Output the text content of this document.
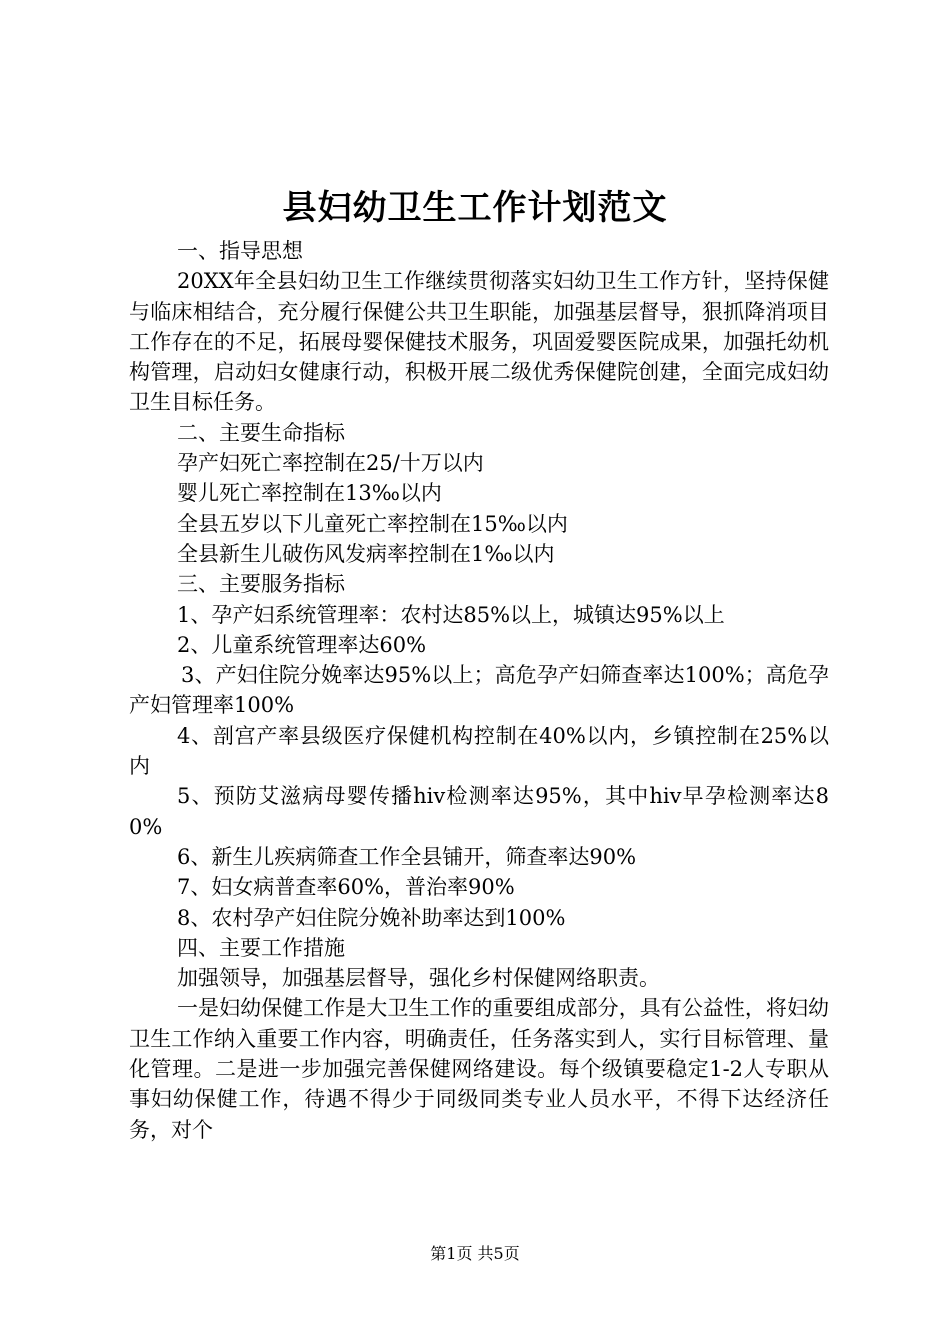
县妇幼卫生工作计划范文

一、指导思想

20XX年全县妇幼卫生工作继续贯彻落实妇幼卫生工作方针，坚持保健与临床相结合，充分履行保健公共卫生职能，加强基层督导，狠抓降消项目工作存在的不足，拓展母婴保健技术服务，巩固爱婴医院成果，加强托幼机构管理，启动妇女健康行动，积极开展二级优秀保健院创建，全面完成妇幼卫生目标任务。

二、主要生命指标

孕产妇死亡率控制在25/十万以内

婴儿死亡率控制在13‰以内

全县五岁以下儿童死亡率控制在15‰以内

全县新生儿破伤风发病率控制在1‰以内

三、主要服务指标

1、孕产妇系统管理率：农村达85%以上，城镇达95%以上

2、儿童系统管理率达60%

3、产妇住院分娩率达95%以上；高危孕产妇筛查率达100%；高危孕产妇管理率100%

4、剖宫产率县级医疗保健机构控制在40%以内，乡镇控制在25%以内

5、预防艾滋病母婴传播hiv检测率达95%，其中hiv早孕检测率达80%

6、新生儿疾病筛查工作全县铺开，筛查率达90%

7、妇女病普查率60%，普治率90%

8、农村孕产妇住院分娩补助率达到100%

四、主要工作措施

加强领导，加强基层督导，强化乡村保健网络职责。

一是妇幼保健工作是大卫生工作的重要组成部分，具有公益性，将妇幼卫生工作纳入重要工作内容，明确责任，任务落实到人，实行目标管理、量化管理。二是进一步加强完善保健网络建设。每个级镇要稳定1-2人专职从事妇幼保健工作，待遇不得少于同级同类专业人员水平，不得下达经济任务，对个

第1页 共5页
